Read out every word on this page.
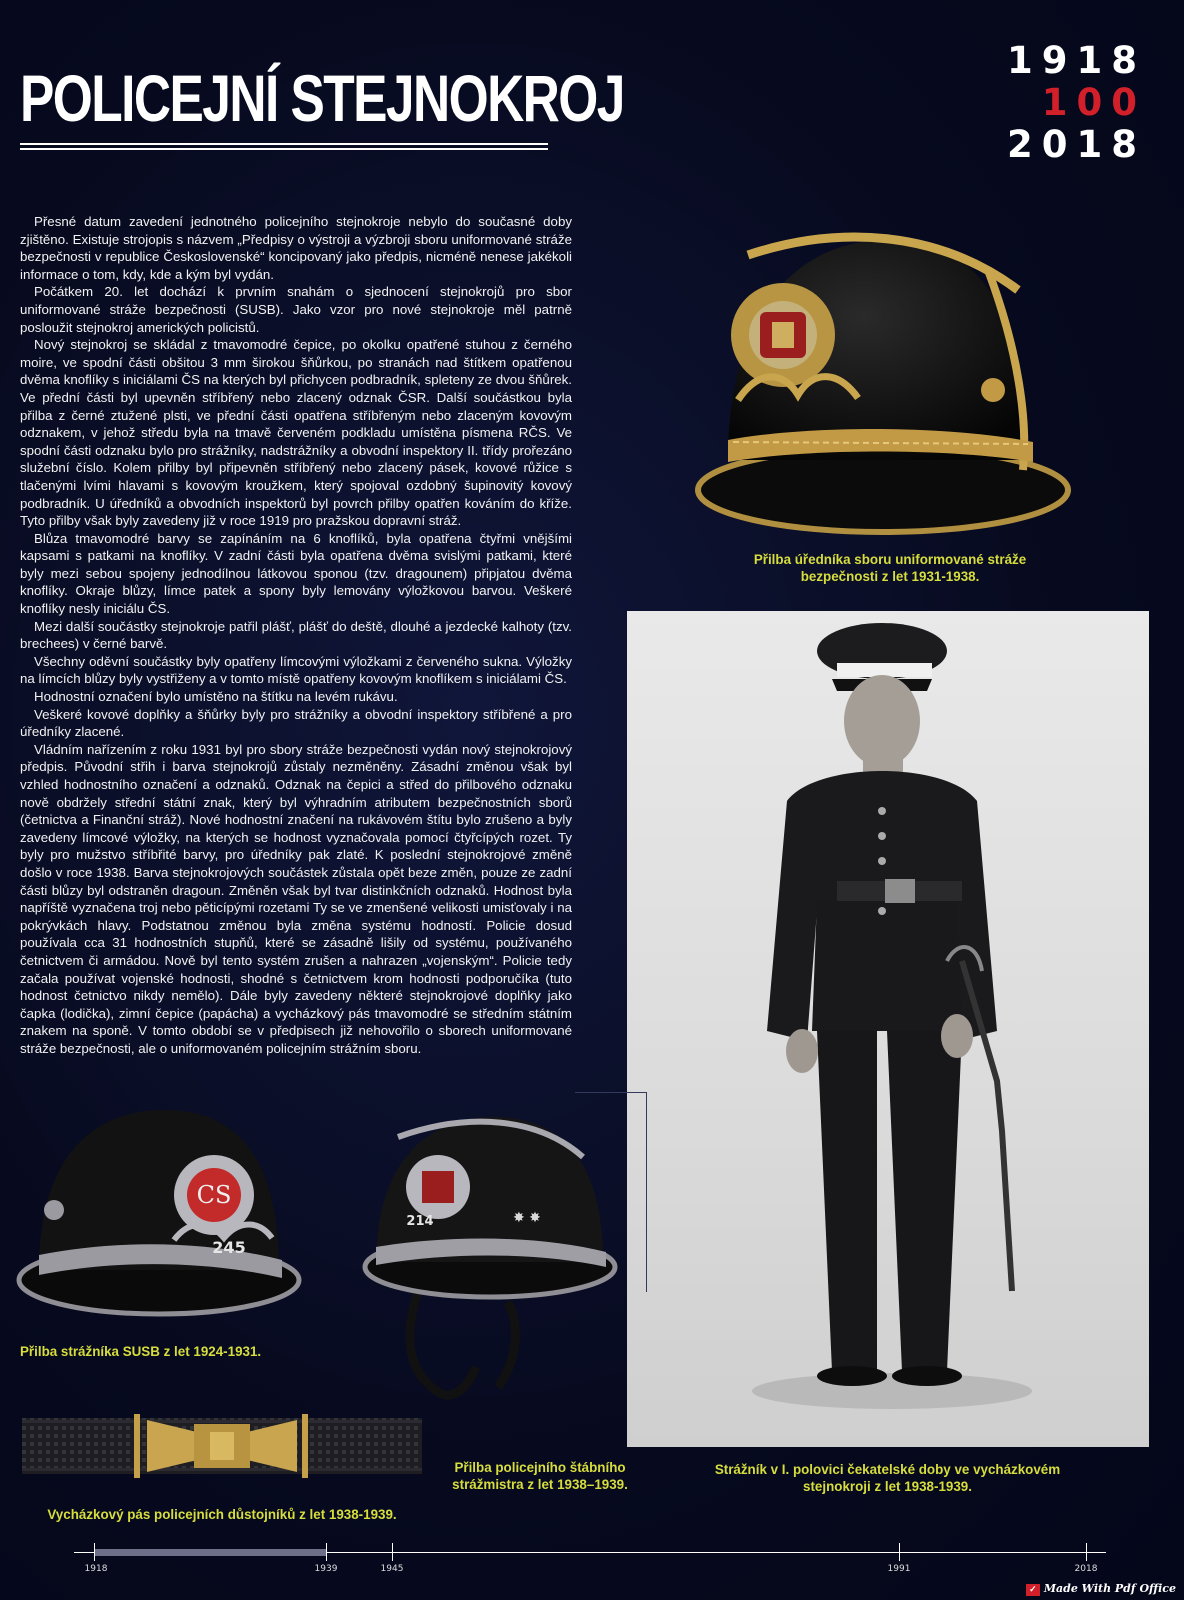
POLICEJNÍ STEJNOKROJ
1918
100
2018

Přesné datum zavedení jednotného policejního stejnokroje nebylo do současné doby zjištěno. Existuje strojopis s názvem „Předpisy o výstroji a výzbroji sboru uniformované stráže bezpečnosti v republice Československé“ koncipovaný jako předpis, nicméně nenese jakékoli informace o tom, kdy, kde a kým byl vydán.

Počátkem 20. let dochází k prvním snahám o sjednocení stejnokrojů pro sbor uniformované stráže bezpečnosti (SUSB). Jako vzor pro nové stejnokroje měl patrně posloužit stejnokroj amerických policistů.

Nový stejnokroj se skládal z tmavomodré čepice, po okolku opatřené stuhou z černého moire, ve spodní části obšitou 3 mm širokou šňůrkou, po stranách nad štítkem opatřenou dvěma knoflíky s iniciálami ČS na kterých byl přichycen podbradník, spleteny ze dvou šňůrek. Ve přední části byl upevněn stříbřený nebo zlacený odznak ČSR. Další součástkou byla přilba z černé ztužené plsti, ve přední části opatřena stříbřeným nebo zlaceným kovovým odznakem, v jehož středu byla na tmavě červeném podkladu umístěna písmena RČS. Ve spodní části odznaku bylo pro strážníky, nadstrážníky a obvodní inspektory II. třídy prořezáno služební číslo. Kolem přilby byl připevněn stříbřený nebo zlacený pásek, kovové růžice s tlačenými lvími hlavami s kovovým kroužkem, který spojoval ozdobný šupinovitý kovový podbradník. U úředníků a obvodních inspektorů byl povrch přilby opatřen kováním do kříže. Tyto přilby však byly zavedeny již v roce 1919 pro pražskou dopravní stráž.

Blůza tmavomodré barvy se zapínáním na 6 knoflíků, byla opatřena čtyřmi vnějšími kapsami s patkami na knoflíky. V zadní části byla opatřena dvěma svislými patkami, které byly mezi sebou spojeny jednodílnou látkovou sponou (tzv. dragounem) připjatou dvěma knoflíky. Okraje blůzy, límce patek a spony byly lemovány výložkovou barvou. Veškeré knoflíky nesly iniciálu ČS.

Mezi další součástky stejnokroje patřil plášť, plášť do deště, dlouhé a jezdecké kalhoty (tzv. brechees) v černé barvě.

Všechny oděvní součástky byly opatřeny límcovými výložkami z červeného sukna. Výložky na límcích blůzy byly vystřiženy a v tomto místě opatřeny kovovým knoflíkem s iniciálami ČS.

Hodnostní označení bylo umístěno na štítku na levém rukávu.

Veškeré kovové doplňky a šňůrky byly pro strážníky a obvodní inspektory stříbřené a pro úředníky zlacené.

Vládním nařízením z roku 1931 byl pro sbory stráže bezpečnosti vydán nový stejnokrojový předpis. Původní střih i barva stejnokrojů zůstaly nezměněny. Zásadní změnou však byl vzhled hodnostního označení a odznaků. Odznak na čepici a střed do přilbového odznaku nově obdržely střední státní znak, který byl výhradním atributem bezpečnostních sborů (četnictva a Finanční stráž). Nové hodnostní značení na rukávovém štítu bylo zrušeno a byly zavedeny límcové výložky, na kterých se hodnost vyznačovala pomocí čtyřcípých rozet. Ty byly pro mužstvo stříbřité barvy, pro úředníky pak zlaté. K poslední stejnokrojové změně došlo v roce 1938. Barva stejnokrojových součástek zůstala opět beze změn, pouze ze zadní části blůzy byl odstraněn dragoun. Změněn však byl tvar distinkčních odznaků. Hodnost byla napříště vyznačena troj nebo pěticípými rozetami Ty se ve zmenšené velikosti umisťovaly i na pokrývkách hlavy. Podstatnou změnou byla změna systému hodností. Policie dosud používala cca 31 hodnostních stupňů, které se zásadně lišily od systému, používaného četnictvem či armádou. Nově byl tento systém zrušen a nahrazen „vojenským“. Policie tedy začala používat vojenské hodnosti, shodné s četnictvem krom hodnosti podporučíka (tuto hodnost četnictvo nikdy nemělo). Dále byly zavedeny některé stejnokrojové doplňky jako čapka (lodička), zimní čepice (papácha) a vycházkový pás tmavomodré se středním státním znakem na sponě. V tomto období se v předpisech již nehovořilo o sborech uniformované stráže bezpečnosti, ale o uniformovaném policejním strážním sboru.

Přilba úředníka sboru uniformované stráže bezpečnosti z let 1931-1938.
Strážník v I. polovici čekatelské doby ve vycházkovém stejnokroji z let 1938-1939.
CS
245
Přilba strážníka SUSB z let 1924-1931.
214	✸ ✸
Přilba policejního štábního strážmistra z let 1938–1939.
Vycházkový pás policejních důstojníků z let 1938-1939.
1918	1939	1945	1991	2018
✓ Made With Pdf Office
